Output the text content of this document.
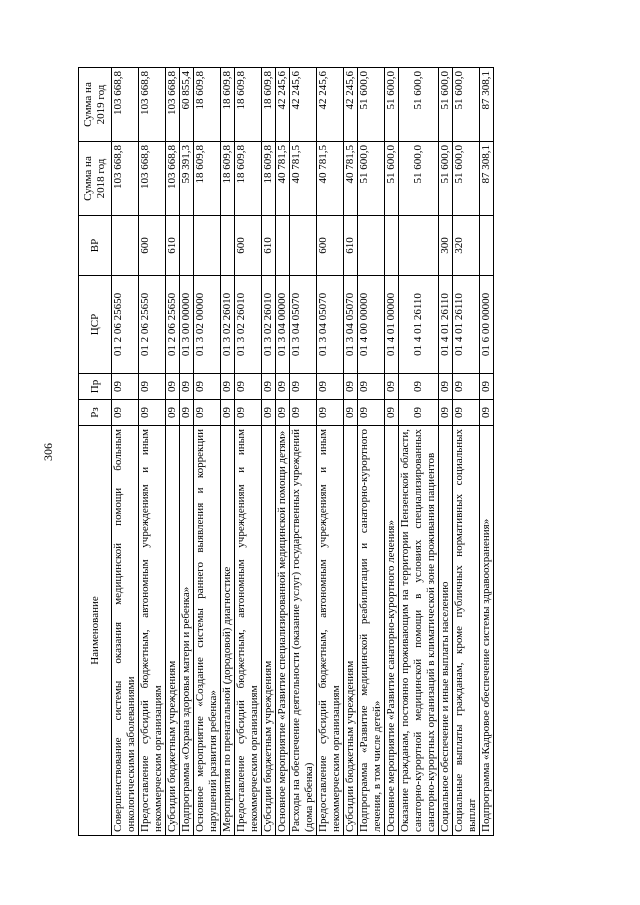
306
Наименование	Рз	Пр	ЦСР	ВР	Сумма на 2018 год	Сумма на 2019 год
Совершенствование системы оказания медицинской помощи больным онкологическими заболеваниями	09	09	01 2 06 25650		103 668,8	103 668,8
Предоставление субсидий бюджетным, автономным учреждениям и иным некоммерческим организациям	09	09	01 2 06 25650	600	103 668,8	103 668,8
Субсидии бюджетным учреждениям	09	09	01 2 06 25650	610	103 668,8	103 668,8
Подпрограмма «Охрана здоровья матери и ребенка»	09	09	01 3 00 00000		59 391,3	60 855,4
Основное мероприятие «Создание системы раннего выявления и коррекции нарушений развития ребенка»	09	09	01 3 02 00000		18 609,8	18 609,8
Мероприятия по пренатальной (дородовой) диагностике	09	09	01 3 02 26010		18 609,8	18 609,8
Предоставление субсидий бюджетным, автономным учреждениям и иным некоммерческим организациям	09	09	01 3 02 26010	600	18 609,8	18 609,8
Субсидии бюджетным учреждениям	09	09	01 3 02 26010	610	18 609,8	18 609,8
Основное мероприятие «Развитие специализированной медицинской помощи детям»	09	09	01 3 04 00000		40 781,5	42 245,6
Расходы на обеспечение деятельности (оказание услуг) государственных учреждений (дома ребенка)	09	09	01 3 04 05070		40 781,5	42 245,6
Предоставление субсидий бюджетным, автономным учреждениям и иным некоммерческим организациям	09	09	01 3 04 05070	600	40 781,5	42 245,6
Субсидии бюджетным учреждениям	09	09	01 3 04 05070	610	40 781,5	42 245,6
Подпрограмма «Развитие медицинской реабилитации и санаторно-курортного лечения, в том числе детей»	09	09	01 4 00 00000		51 600,0	51 600,0
Основное мероприятие «Развитие санаторно-курортного лечения»	09	09	01 4 01 00000		51 600,0	51 600,0
Оказание гражданам, постоянно проживающим на территории Пензенской области, санаторно-курортной медицинской помощи в условиях специализированных санаторно-курортных организаций в климатической зоне проживания пациентов	09	09	01 4 01 26110		51 600,0	51 600,0
Социальное обеспечение и иные выплаты населению	09	09	01 4 01 26110	300	51 600,0	51 600,0
Социальные выплаты гражданам, кроме публичных нормативных социальных выплат	09	09	01 4 01 26110	320	51 600,0	51 600,0
Подпрограмма «Кадровое обеспечение системы здравоохранения»	09	09	01 6 00 00000		87 308,1	87 308,1
